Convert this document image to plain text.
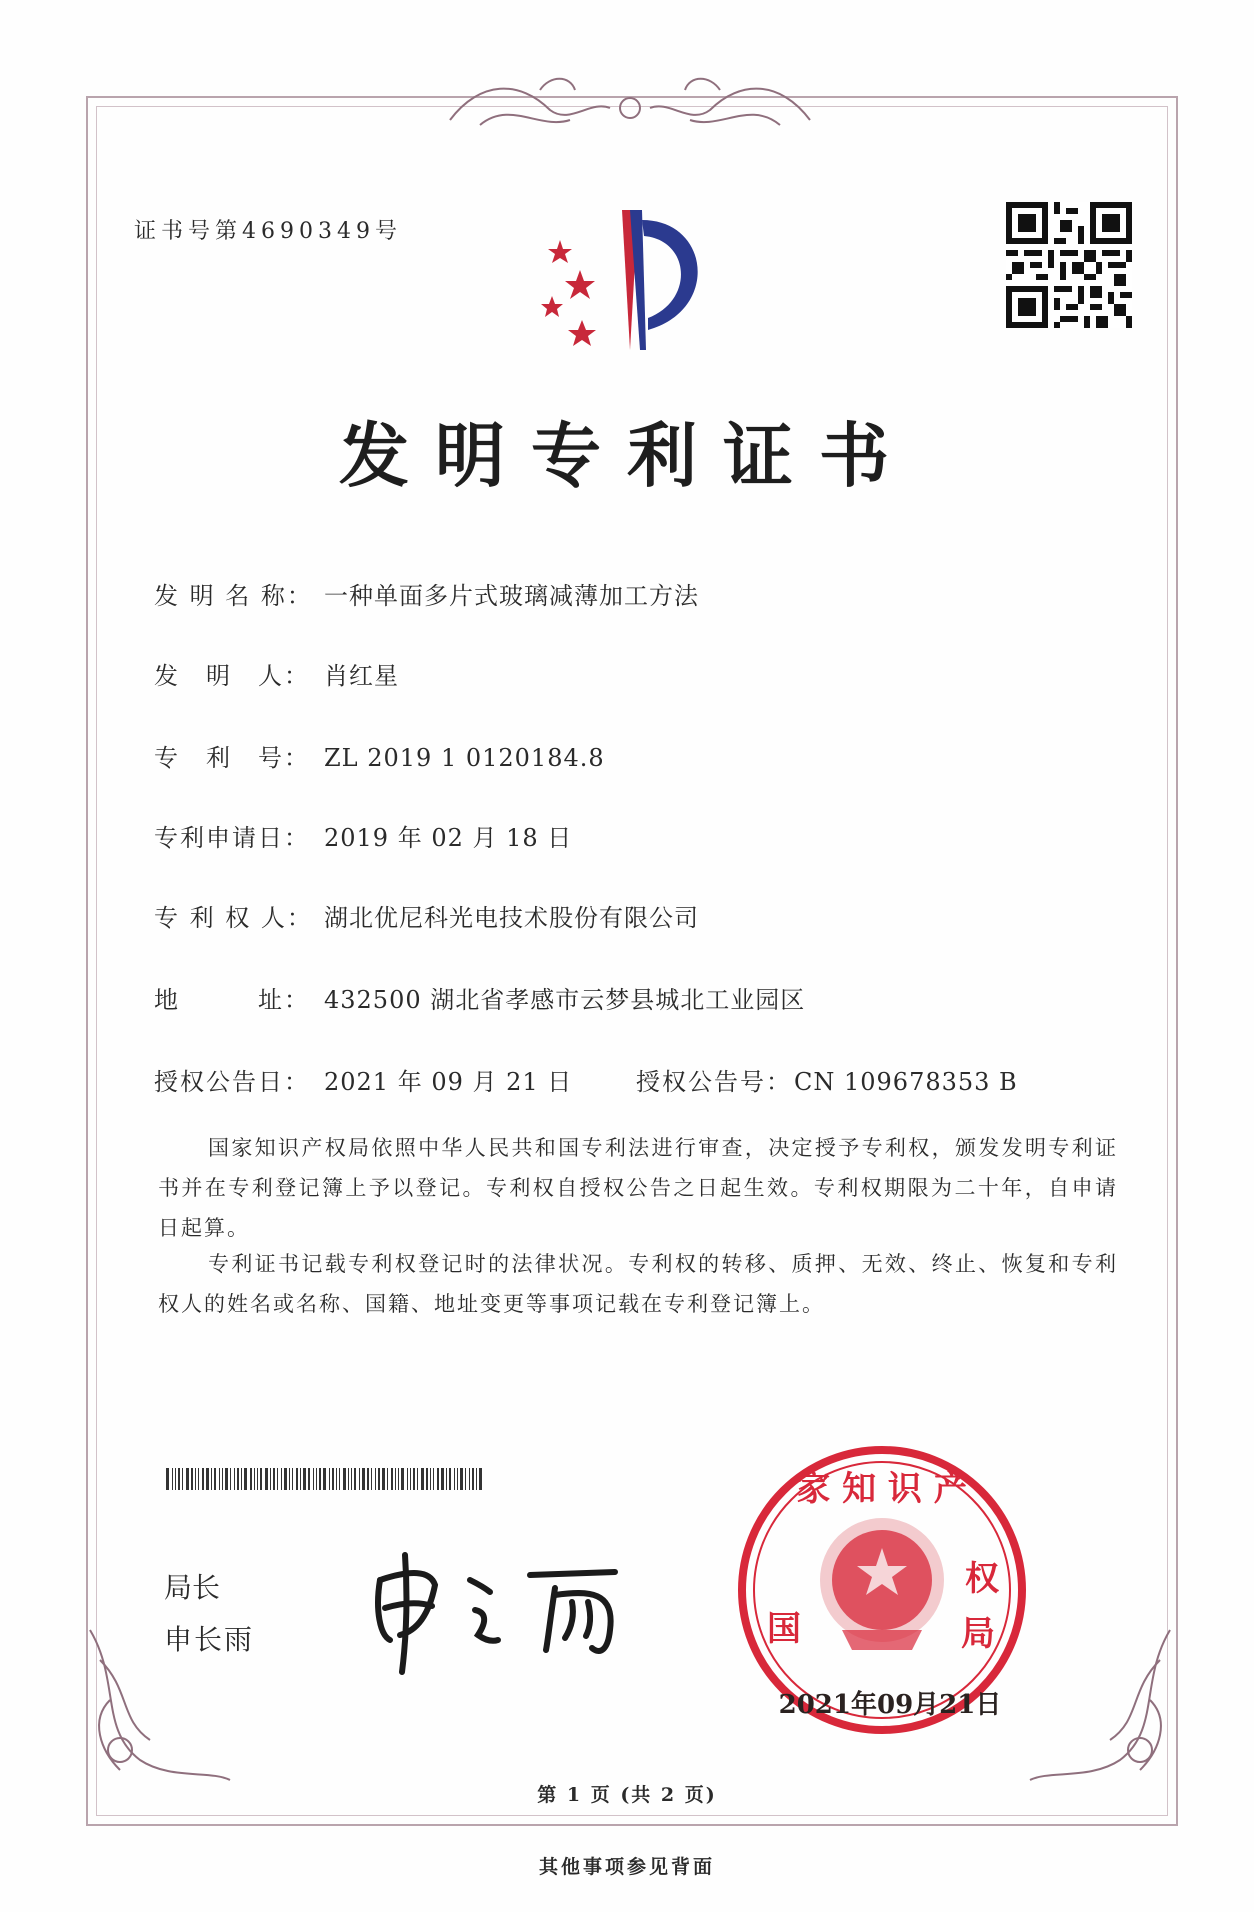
证书号第4690349号
发明专利证书
发 明 名 称： 一种单面多片式玻璃减薄加工方法
发　明　人： 肖红星
专　利　号： ZL 2019 1 0120184.8
专利申请日： 2019 年 02 月 18 日
专 利 权 人： 湖北优尼科光电技术股份有限公司
地　　　址： 432500 湖北省孝感市云梦县城北工业园区
授权公告日： 2021 年 09 月 21 日	授权公告号：CN 109678353 B
国家知识产权局依照中华人民共和国专利法进行审查，决定授予专利权，颁发发明专利证书并在专利登记簿上予以登记。专利权自授权公告之日起生效。专利权期限为二十年，自申请日起算。
专利证书记载专利权登记时的法律状况。专利权的转移、质押、无效、终止、恢复和专利权人的姓名或名称、国籍、地址变更等事项记载在专利登记簿上。
局长
申长雨
家 知 识 产
国
权
局
2021年09月21日
第 1 页 (共 2 页)
其他事项参见背面
